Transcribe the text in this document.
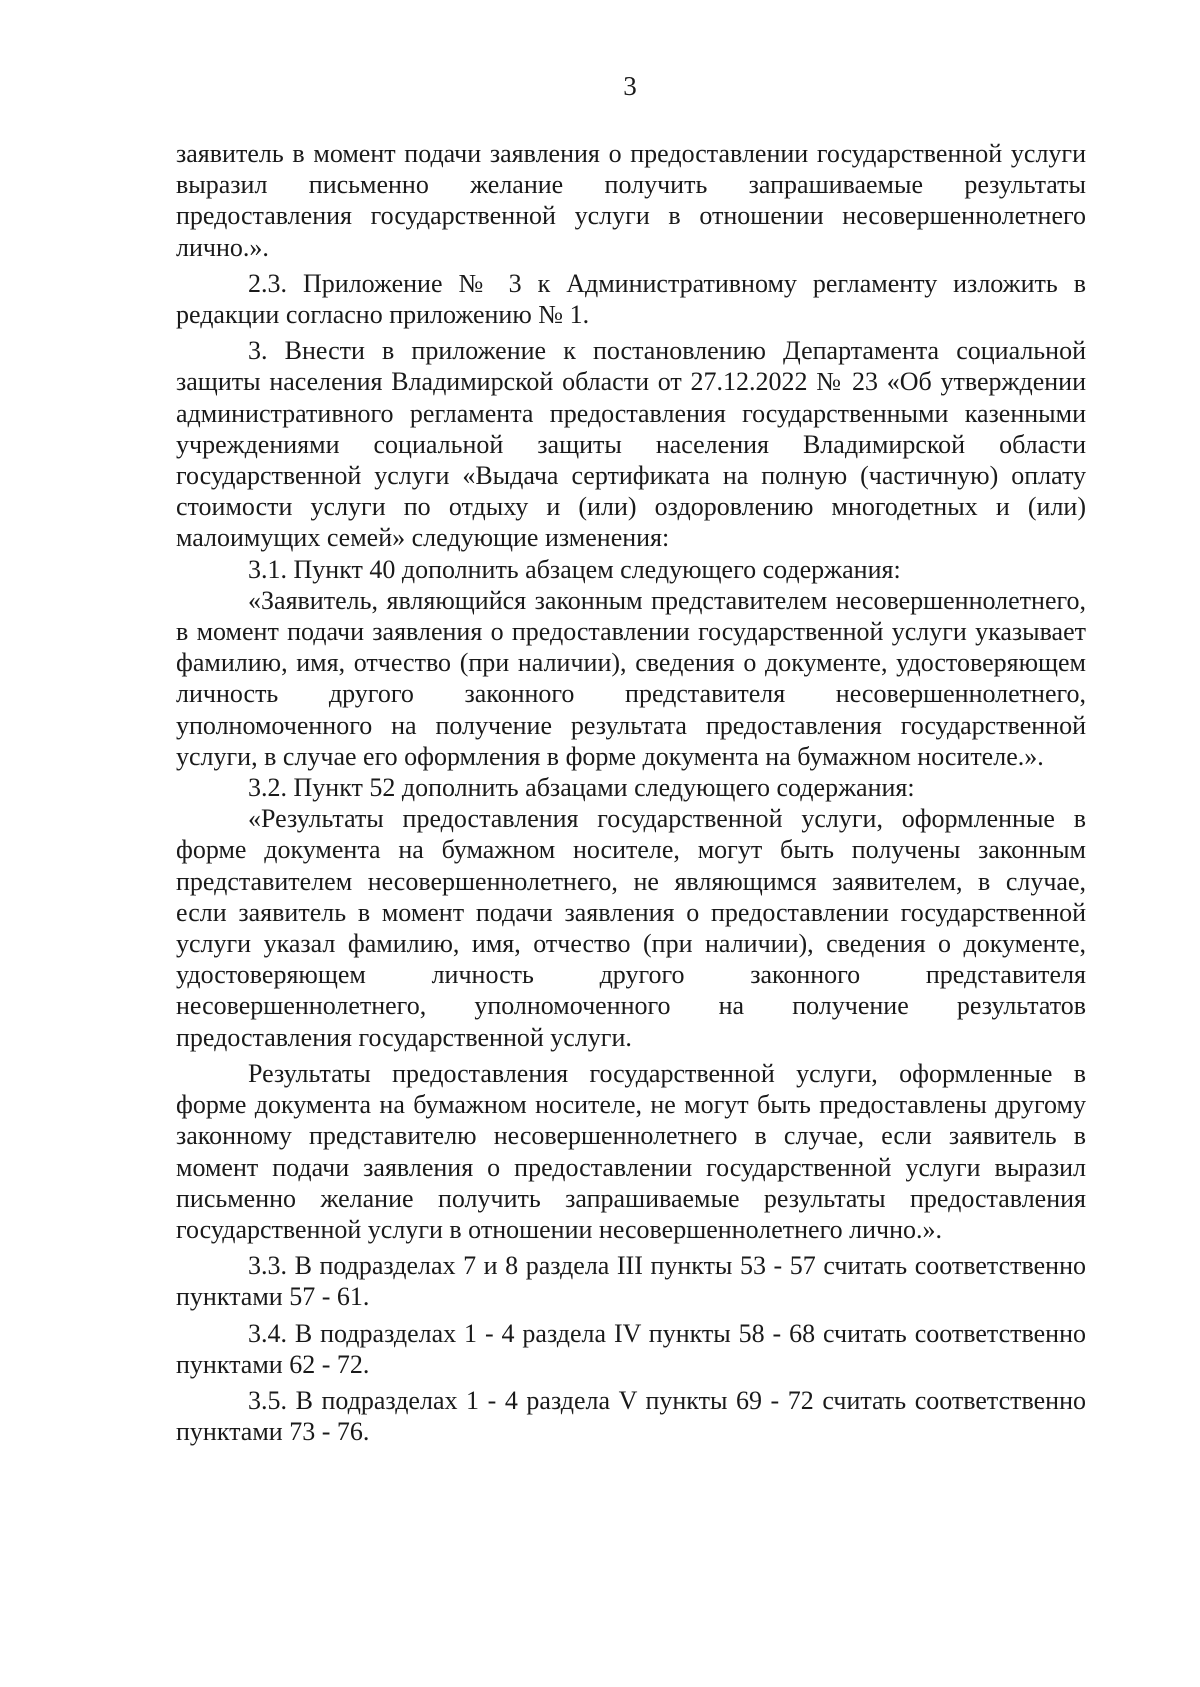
3

заявитель в момент подачи заявления о предоставлении государственной услуги выразил письменно желание получить запрашиваемые результаты предоставления государственной услуги в отношении несовершеннолетнего лично.».

2.3. Приложение № 3 к Административному регламенту изложить в редакции согласно приложению № 1.

3. Внести в приложение к постановлению Департамента социальной защиты населения Владимирской области от 27.12.2022 № 23 «Об утверждении административного регламента предоставления государственными казенными учреждениями социальной защиты населения Владимирской области государственной услуги «Выдача сертификата на полную (частичную) оплату стоимости услуги по отдыху и (или) оздоровлению многодетных и (или) малоимущих семей» следующие изменения:

3.1. Пункт 40 дополнить абзацем следующего содержания:

«Заявитель, являющийся законным представителем несовершеннолетнего, в момент подачи заявления о предоставлении государственной услуги указывает фамилию, имя, отчество (при наличии), сведения о документе, удостоверяющем личность другого законного представителя несовершеннолетнего, уполномоченного на получение результата предоставления государственной услуги, в случае его оформления в форме документа на бумажном носителе.».

3.2. Пункт 52 дополнить абзацами следующего содержания:

«Результаты предоставления государственной услуги, оформленные в форме документа на бумажном носителе, могут быть получены законным представителем несовершеннолетнего, не являющимся заявителем, в случае, если заявитель в момент подачи заявления о предоставлении государственной услуги указал фамилию, имя, отчество (при наличии), сведения о документе, удостоверяющем личность другого законного представителя несовершеннолетнего, уполномоченного на получение результатов предоставления государственной услуги.

Результаты предоставления государственной услуги, оформленные в форме документа на бумажном носителе, не могут быть предоставлены другому законному представителю несовершеннолетнего в случае, если заявитель в момент подачи заявления о предоставлении государственной услуги выразил письменно желание получить запрашиваемые результаты предоставления государственной услуги в отношении несовершеннолетнего лично.».

3.3. В подразделах 7 и 8 раздела III пункты 53 - 57 считать соответственно пунктами 57 - 61.

3.4. В подразделах 1 - 4 раздела IV пункты 58 - 68 считать соответственно пунктами 62 - 72.

3.5. В подразделах 1 - 4 раздела V пункты 69 - 72 считать соответственно пунктами 73 - 76.
